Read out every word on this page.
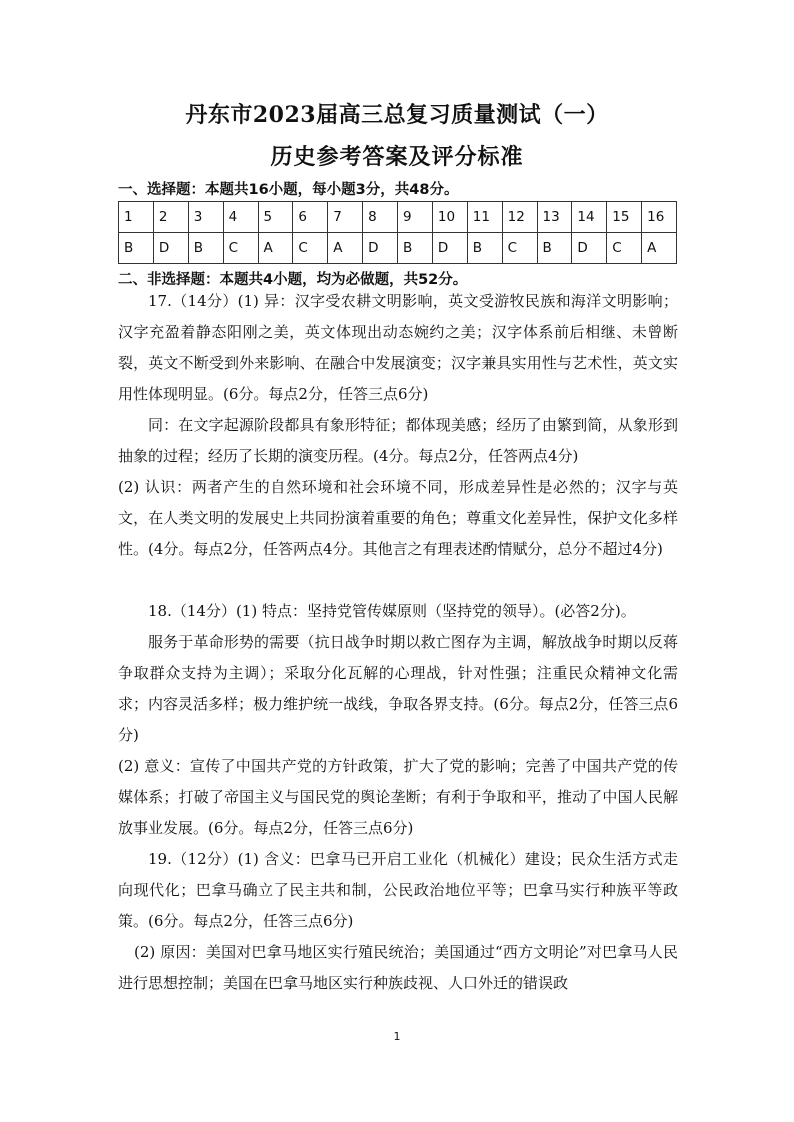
丹东市2023届高三总复习质量测试（一）
历史参考答案及评分标准
一、选择题：本题共16小题，每小题3分，共48分。
1	2	3	4	5	6	7	8	9	10	11	12	13	14	15	16
B	D	B	C	A	C	A	D	B	D	B	C	B	D	C	A
二、非选择题：本题共4小题，均为必做题，共52分。
17.（14分）(1) 异：汉字受农耕文明影响，英文受游牧民族和海洋文明影响；汉字充盈着静态阳刚之美，英文体现出动态婉约之美；汉字体系前后相继、未曾断裂，英文不断受到外来影响、在融合中发展演变；汉字兼具实用性与艺术性，英文实用性体现明显。(6分。每点2分，任答三点6分)
同：在文字起源阶段都具有象形特征；都体现美感；经历了由繁到简，从象形到抽象的过程；经历了长期的演变历程。(4分。每点2分，任答两点4分)
(2) 认识：两者产生的自然环境和社会环境不同，形成差异性是必然的；汉字与英文，在人类文明的发展史上共同扮演着重要的角色；尊重文化差异性，保护文化多样性。(4分。每点2分，任答两点4分。其他言之有理表述酌情赋分，总分不超过4分)
18.（14分）(1) 特点：坚持党管传媒原则（坚持党的领导）。(必答2分)。
服务于革命形势的需要（抗日战争时期以救亡图存为主调，解放战争时期以反蒋争取群众支持为主调）；采取分化瓦解的心理战，针对性强；注重民众精神文化需求；内容灵活多样；极力维护统一战线，争取各界支持。(6分。每点2分，任答三点6分)
(2) 意义：宣传了中国共产党的方针政策，扩大了党的影响；完善了中国共产党的传媒体系；打破了帝国主义与国民党的舆论垄断；有利于争取和平，推动了中国人民解放事业发展。(6分。每点2分，任答三点6分)
19.（12分）(1) 含义：巴拿马已开启工业化（机械化）建设；民众生活方式走向现代化；巴拿马确立了民主共和制，公民政治地位平等；巴拿马实行种族平等政策。(6分。每点2分，任答三点6分)
(2) 原因：美国对巴拿马地区实行殖民统治；美国通过“西方文明论”对巴拿马人民进行思想控制；美国在巴拿马地区实行种族歧视、人口外迁的错误政
1
